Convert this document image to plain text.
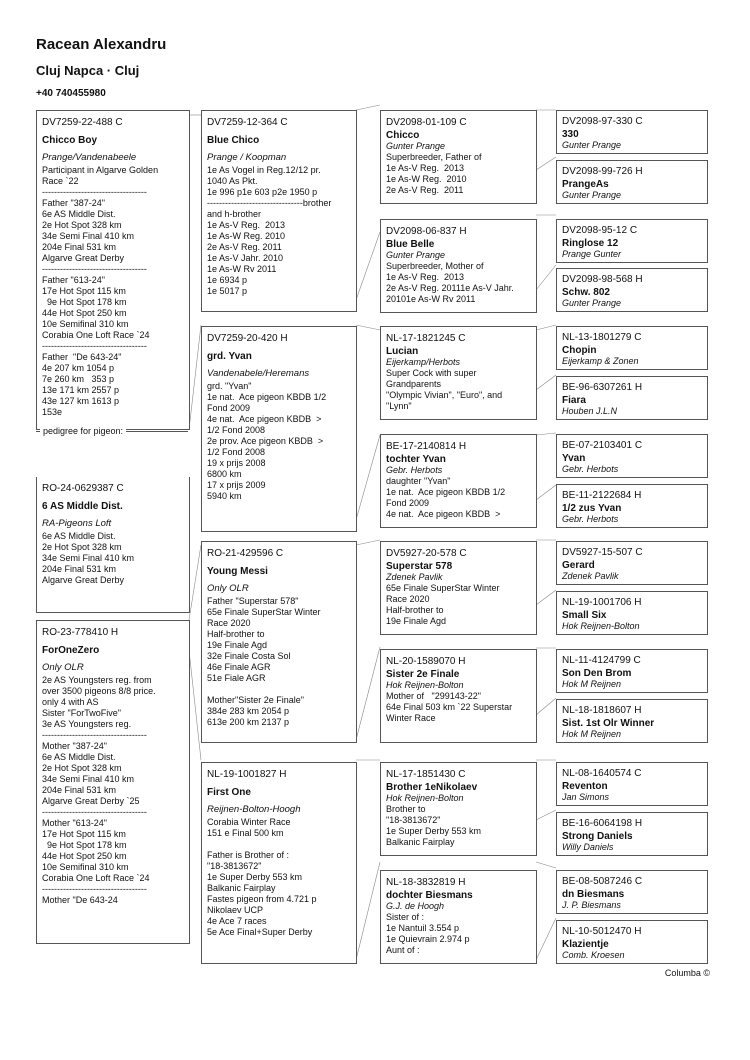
Racean Alexandru
Cluj Napca · Cluj
+40 740455980
DV7259-22-488 C
Chicco Boy
Prange/Vandenabeele
Participant in Algarve Golden
Race `22
-----------------------------------
Father "387-24"
6e AS Middle Dist.
2e Hot Spot 328 km
34e Semi Final 410 km
204e Final 531 km
Algarve Great Derby
-----------------------------------
Father "613-24"
17e Hot Spot 115 km
9e Hot Spot 178 km
44e Hot Spot 250 km
10e Semifinal 310 km
Corabia One Loft Race `24
-----------------------------------
Father  "De 643-24"
4e 207 km 1054 p
7e 260 km   353 p
13e 171 km 2557 p
43e 127 km 1613 p
153e
pedigree for pigeon:
RO-24-0629387 C
6 AS Middle Dist.
RA-Pigeons Loft
6e AS Middle Dist.
2e Hot Spot 328 km
34e Semi Final 410 km
204e Final 531 km
Algarve Great Derby
RO-23-778410 H
ForOneZero
Only OLR
2e AS Youngsters reg. from
over 3500 pigeons 8/8 price.
only 4 with AS
Sister "ForTwoFive"
3e AS Youngsters reg.
-----------------------------------
Mother "387-24"
6e AS Middle Dist.
2e Hot Spot 328 km
34e Semi Final 410 km
204e Final 531 km
Algarve Great Derby `25
-----------------------------------
Mother "613-24"
17e Hot Spot 115 km
9e Hot Spot 178 km
44e Hot Spot 250 km
10e Semifinal 310 km
Corabia One Loft Race `24
-----------------------------------
Mother "De 643-24
DV7259-12-364 C
Blue Chico
Prange / Koopman
1e As Vogel in Reg.12/12 pr.
1040 As Pkt.
1e 996 p1e 603 p2e 1950 p
--------------------------------brother
and h-brother
1e As-V Reg.  2013
1e As-W Reg. 2010
2e As-V Reg. 2011
1e As-V Jahr. 2010
1e As-W Rv 2011
1e 6934 p
1e 5017 p
DV7259-20-420 H
grd. Yvan
Vandenabele/Heremans
grd. "Yvan"
1e nat.  Ace pigeon KBDB 1/2
Fond 2009
4e nat.  Ace pigeon KBDB  >
1/2 Fond 2008
2e prov. Ace pigeon KBDB  >
1/2 Fond 2008
19 x prijs 2008
6800 km
17 x prijs 2009
5940 km
RO-21-429596 C
Young Messi
Only OLR
Father "Superstar 578"
65e Finale SuperStar Winter
Race 2020
Half-brother to
19e Finale Agd
32e Finale Costa Sol
46e Finale AGR
51e Fiale AGR

Mother"Sister 2e Finale"
384e 283 km 2054 p
613e 200 km 2137 p
NL-19-1001827 H
First One
Reijnen-Bolton-Hoogh
Corabia Winter Race
151 e Final 500 km

Father is Brother of :
"18-3813672"
1e Super Derby 553 km
Balkanic Fairplay
Fastes pigeon from 4.721 p
Nikolaev UCP
4e Ace 7 races
5e Ace Final+Super Derby
DV2098-01-109 C
Chicco
Gunter Prange
Superbreeder, Father of
1e As-V Reg.  2013
1e As-W Reg.  2010
2e As-V Reg.  2011
DV2098-06-837 H
Blue Belle
Gunter Prange
Superbreeder, Mother of
1e As-V Reg.  2013
2e As-V Reg. 20111e As-V Jahr.
20101e As-W Rv 2011
NL-17-1821245 C
Lucian
Eijerkamp/Herbots
Super Cock with super
Grandparents
"Olympic Vivian", "Euro", and
"Lynn"
BE-17-2140814 H
tochter Yvan
Gebr. Herbots
daughter "Yvan"
1e nat.  Ace pigeon KBDB 1/2
Fond 2009
4e nat.  Ace pigeon KBDB  >
DV5927-20-578 C
Superstar 578
Zdenek Pavlik
65e Finale SuperStar Winter
Race 2020
Half-brother to
19e Finale Agd
NL-20-1589070 H
Sister 2e Finale
Hok Reijnen-Bolton
Mother of   "299143-22"
64e Final 503 km `22 Superstar
Winter Race
NL-17-1851430 C
Brother 1eNikolaev
Hok Reijnen-Bolton
Brother to
"18-3813672"
1e Super Derby 553 km
Balkanic Fairplay
NL-18-3832819 H
dochter Biesmans
G.J. de Hoogh
Sister of :
1e Nantuil 3.554 p
1e Quievrain 2.974 p
Aunt of :
DV2098-97-330 C
330
Gunter Prange
DV2098-99-726 H
PrangeAs
Gunter Prange
DV2098-95-12 C
Ringlose 12
Prange Gunter
DV2098-98-568 H
Schw. 802
Gunter Prange
NL-13-1801279 C
Chopin
Eijerkamp & Zonen
BE-96-6307261 H
Fiara
Houben J.L.N
BE-07-2103401 C
Yvan
Gebr. Herbots
BE-11-2122684 H
1/2 zus Yvan
Gebr. Herbots
DV5927-15-507 C
Gerard
Zdenek Pavlik
NL-19-1001706 H
Small Six
Hok Reijnen-Bolton
NL-11-4124799 C
Son Den Brom
Hok M Reijnen
NL-18-1818607 H
Sist. 1st Olr Winner
Hok M Reijnen
NL-08-1640574 C
Reventon
Jan Simons
BE-16-6064198 H
Strong Daniels
Willy Daniels
BE-08-5087246 C
dn Biesmans
J. P. Biesmans
NL-10-5012470 H
Klazientje
Comb. Kroesen
Columba ©
